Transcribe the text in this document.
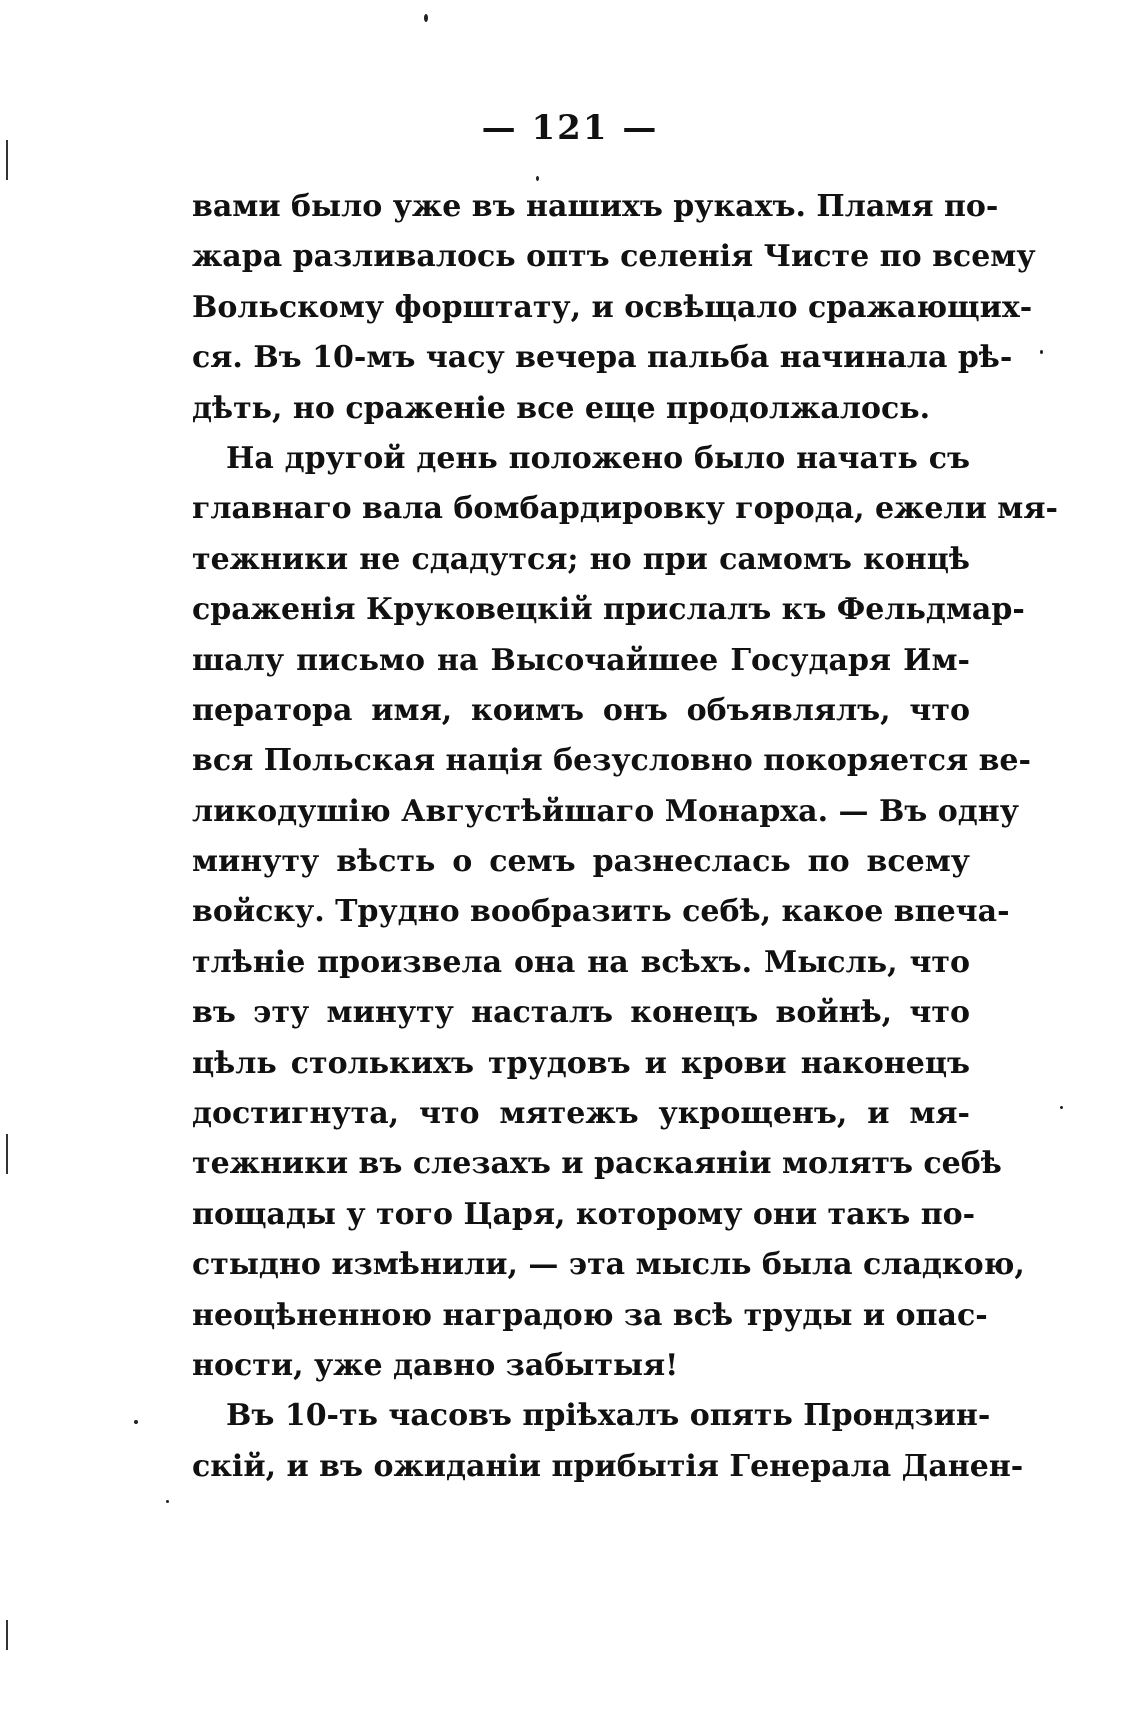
— 121 —
вами было уже въ нашихъ рукахъ. Пламя по-
жара разливалось оптъ селенія Чисте по всему
Вольскому форштату, и освѣщало сражающих-
ся. Въ 10-мъ часу вечера пальба начинала рѣ-
дѣть, но сраженіе все еще продолжалось.
На другой день положено было начать съ
главнаго вала бомбардировку города, ежели мя-
тежники не сдадутся; но при самомъ концѣ
сраженія Круковецкій прислалъ къ Фельдмар-
шалу письмо на Высочайшее Государя Им-
ператора имя, коимъ онъ объявлялъ, что
вся Польская нація безусловно покоряется ве-
ликодушію Августѣйшаго Монарха. — Въ одну
минуту вѣсть о семъ разнеслась по всему
войску. Трудно вообразить себѣ, какое впеча-
тлѣніе произвела она на всѣхъ. Мысль, что
въ эту минуту насталъ конецъ войнѣ, что
цѣль столькихъ трудовъ и крови наконецъ
достигнута, что мятежъ укрощенъ, и мя-
тежники въ слезахъ и раскаяніи молятъ себѣ
пощады у того Царя, которому они такъ по-
стыдно измѣнили, — эта мысль была сладкою,
неоцѣненною наградою за всѣ труды и опас-
ности, уже давно забытыя!
Въ 10-ть часовъ пріѣхалъ опять Прондзин-
скій, и въ ожиданіи прибытія Генерала Данен-
